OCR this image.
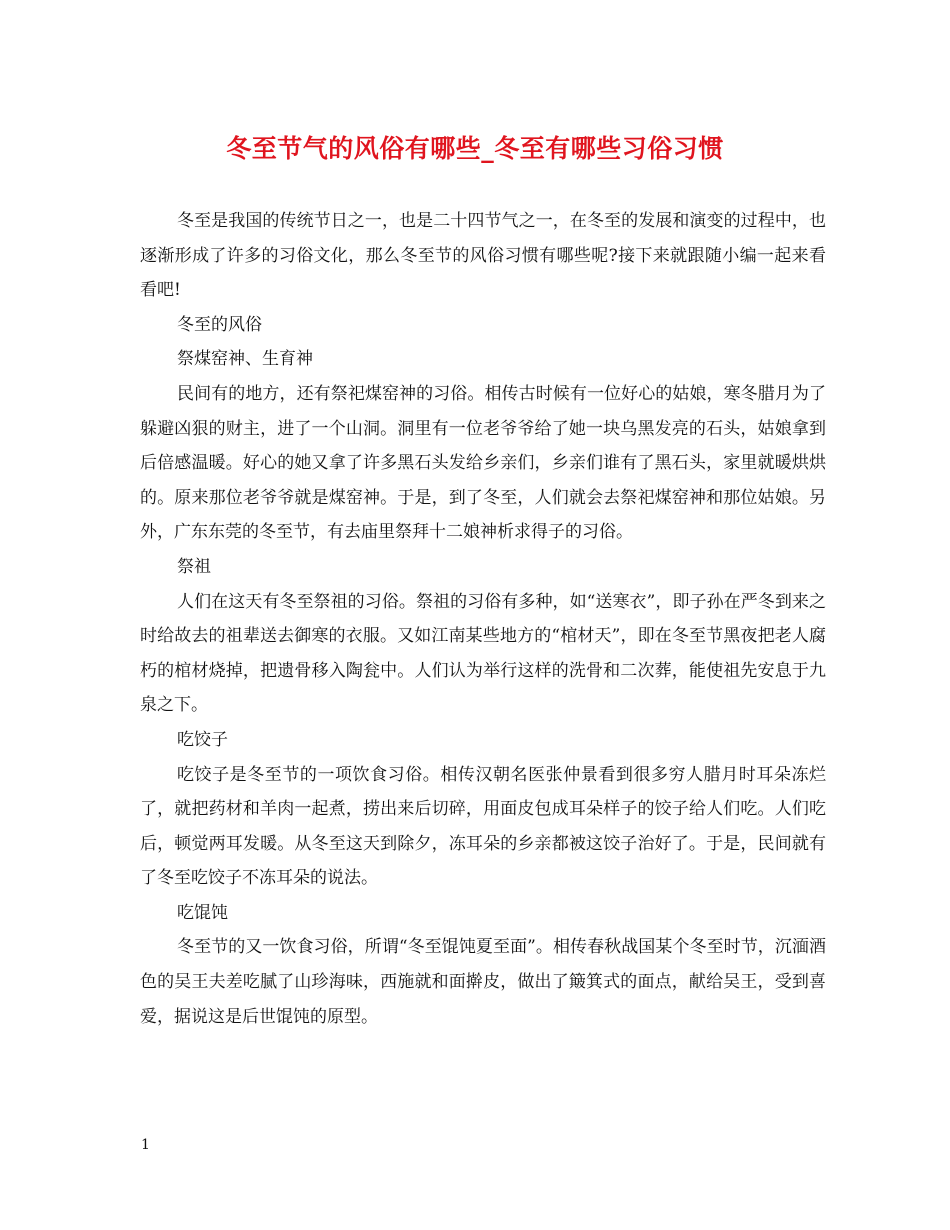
冬至节气的风俗有哪些_冬至有哪些习俗习惯

冬至是我国的传统节日之一，也是二十四节气之一，在冬至的发展和演变的过程中，也逐渐形成了许多的习俗文化，那么冬至节的风俗习惯有哪些呢?接下来就跟随小编一起来看看吧!

冬至的风俗

祭煤窑神、生育神

民间有的地方，还有祭祀煤窑神的习俗。相传古时候有一位好心的姑娘，寒冬腊月为了躲避凶狠的财主，进了一个山洞。洞里有一位老爷爷给了她一块乌黑发亮的石头，姑娘拿到后倍感温暖。好心的她又拿了许多黑石头发给乡亲们，乡亲们谁有了黑石头，家里就暖烘烘的。原来那位老爷爷就是煤窑神。于是，到了冬至，人们就会去祭祀煤窑神和那位姑娘。另外，广东东莞的冬至节，有去庙里祭拜十二娘神析求得子的习俗。

祭祖

人们在这天有冬至祭祖的习俗。祭祖的习俗有多种，如“送寒衣”，即子孙在严冬到来之时给故去的祖辈送去御寒的衣服。又如江南某些地方的“棺材天”，即在冬至节黑夜把老人腐朽的棺材烧掉，把遗骨移入陶瓮中。人们认为举行这样的洗骨和二次葬，能使祖先安息于九泉之下。

吃饺子

吃饺子是冬至节的一项饮食习俗。相传汉朝名医张仲景看到很多穷人腊月时耳朵冻烂了，就把药材和羊肉一起煮，捞出来后切碎，用面皮包成耳朵样子的饺子给人们吃。人们吃后，顿觉两耳发暖。从冬至这天到除夕，冻耳朵的乡亲都被这饺子治好了。于是，民间就有了冬至吃饺子不冻耳朵的说法。

吃馄饨

冬至节的又一饮食习俗，所谓“冬至馄饨夏至面”。相传春秋战国某个冬至时节，沉湎酒色的吴王夫差吃腻了山珍海味，西施就和面擀皮，做出了簸箕式的面点，献给吴王，受到喜爱，据说这是后世馄饨的原型。

1
